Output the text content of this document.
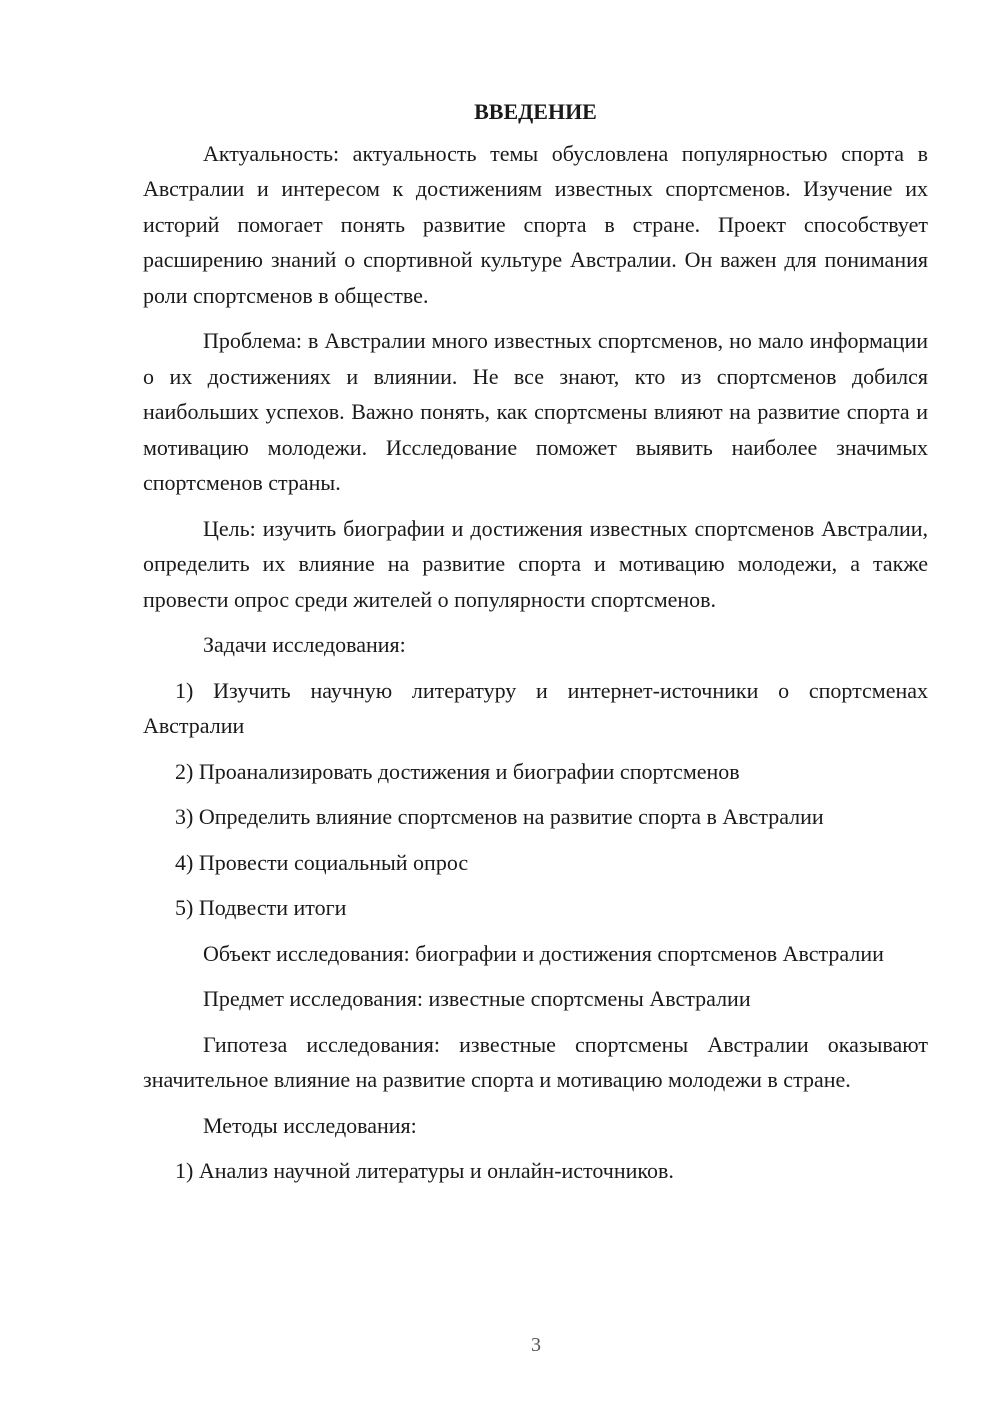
ВВЕДЕНИЕ

Актуальность: актуальность темы обусловлена популярностью спорта в Австралии и интересом к достижениям известных спортсменов. Изучение их историй помогает понять развитие спорта в стране. Проект способствует расширению знаний о спортивной культуре Австралии. Он важен для понимания роли спортсменов в обществе.

Проблема: в Австралии много известных спортсменов, но мало информации о их достижениях и влиянии. Не все знают, кто из спортсменов добился наибольших успехов. Важно понять, как спортсмены влияют на развитие спорта и мотивацию молодежи. Исследование поможет выявить наиболее значимых спортсменов страны.

Цель: изучить биографии и достижения известных спортсменов Австралии, определить их влияние на развитие спорта и мотивацию молодежи, а также провести опрос среди жителей о популярности спортсменов.

Задачи исследования:

1) Изучить научную литературу и интернет-источники о спортсменах Австралии

2) Проанализировать достижения и биографии спортсменов

3) Определить влияние спортсменов на развитие спорта в Австралии

4) Провести социальный опрос

5) Подвести итоги

Объект исследования: биографии и достижения спортсменов Австралии

Предмет исследования: известные спортсмены Австралии

Гипотеза исследования: известные спортсмены Австралии оказывают значительное влияние на развитие спорта и мотивацию молодежи в стране.

Методы исследования:

1) Анализ научной литературы и онлайн-источников.

3
